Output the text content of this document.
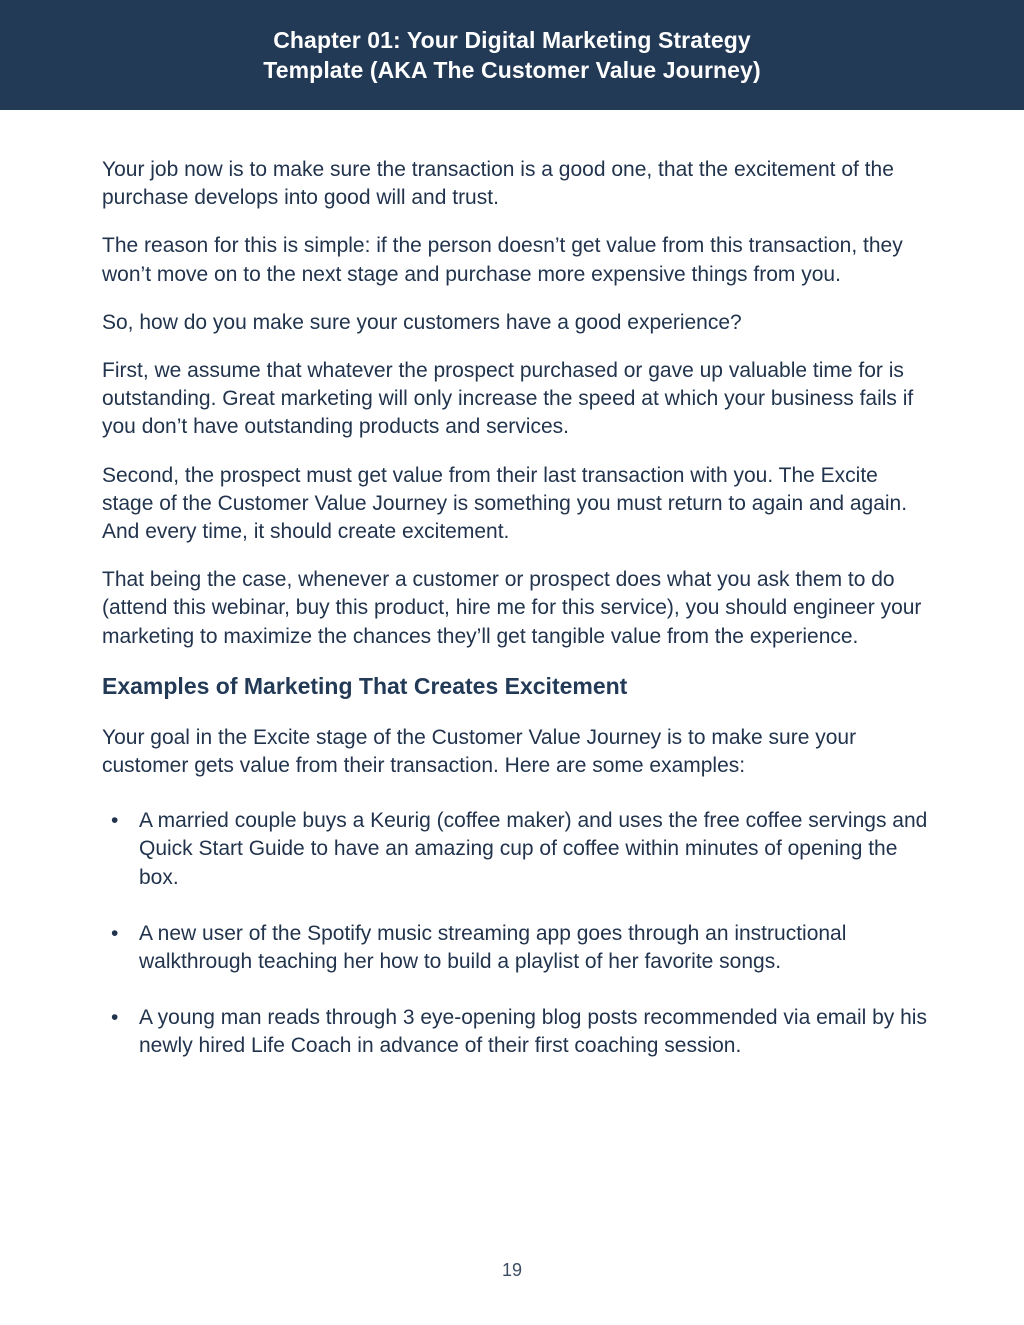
Chapter 01: Your Digital Marketing Strategy
Template (AKA The Customer Value Journey)

Your job now is to make sure the transaction is a good one, that the excitement of the purchase develops into good will and trust.

The reason for this is simple: if the person doesn’t get value from this transaction, they won’t move on to the next stage and purchase more expensive things from you.

So, how do you make sure your customers have a good experience?

First, we assume that whatever the prospect purchased or gave up valuable time for is outstanding. Great marketing will only increase the speed at which your business fails if you don’t have outstanding products and services.

Second, the prospect must get value from their last transaction with you. The Excite stage of the Customer Value Journey is something you must return to again and again. And every time, it should create excitement.

That being the case, whenever a customer or prospect does what you ask them to do (attend this webinar, buy this product, hire me for this service), you should engineer your marketing to maximize the chances they’ll get tangible value from the experience.

Examples of Marketing That Creates Excitement

Your goal in the Excite stage of the Customer Value Journey is to make sure your customer gets value from their transaction. Here are some examples:

• A married couple buys a Keurig (coffee maker) and uses the free coffee servings and Quick Start Guide to have an amazing cup of coffee within minutes of opening the box.
• A new user of the Spotify music streaming app goes through an instructional walkthrough teaching her how to build a playlist of her favorite songs.
• A young man reads through 3 eye-opening blog posts recommended via email by his newly hired Life Coach in advance of their first coaching session.
19
